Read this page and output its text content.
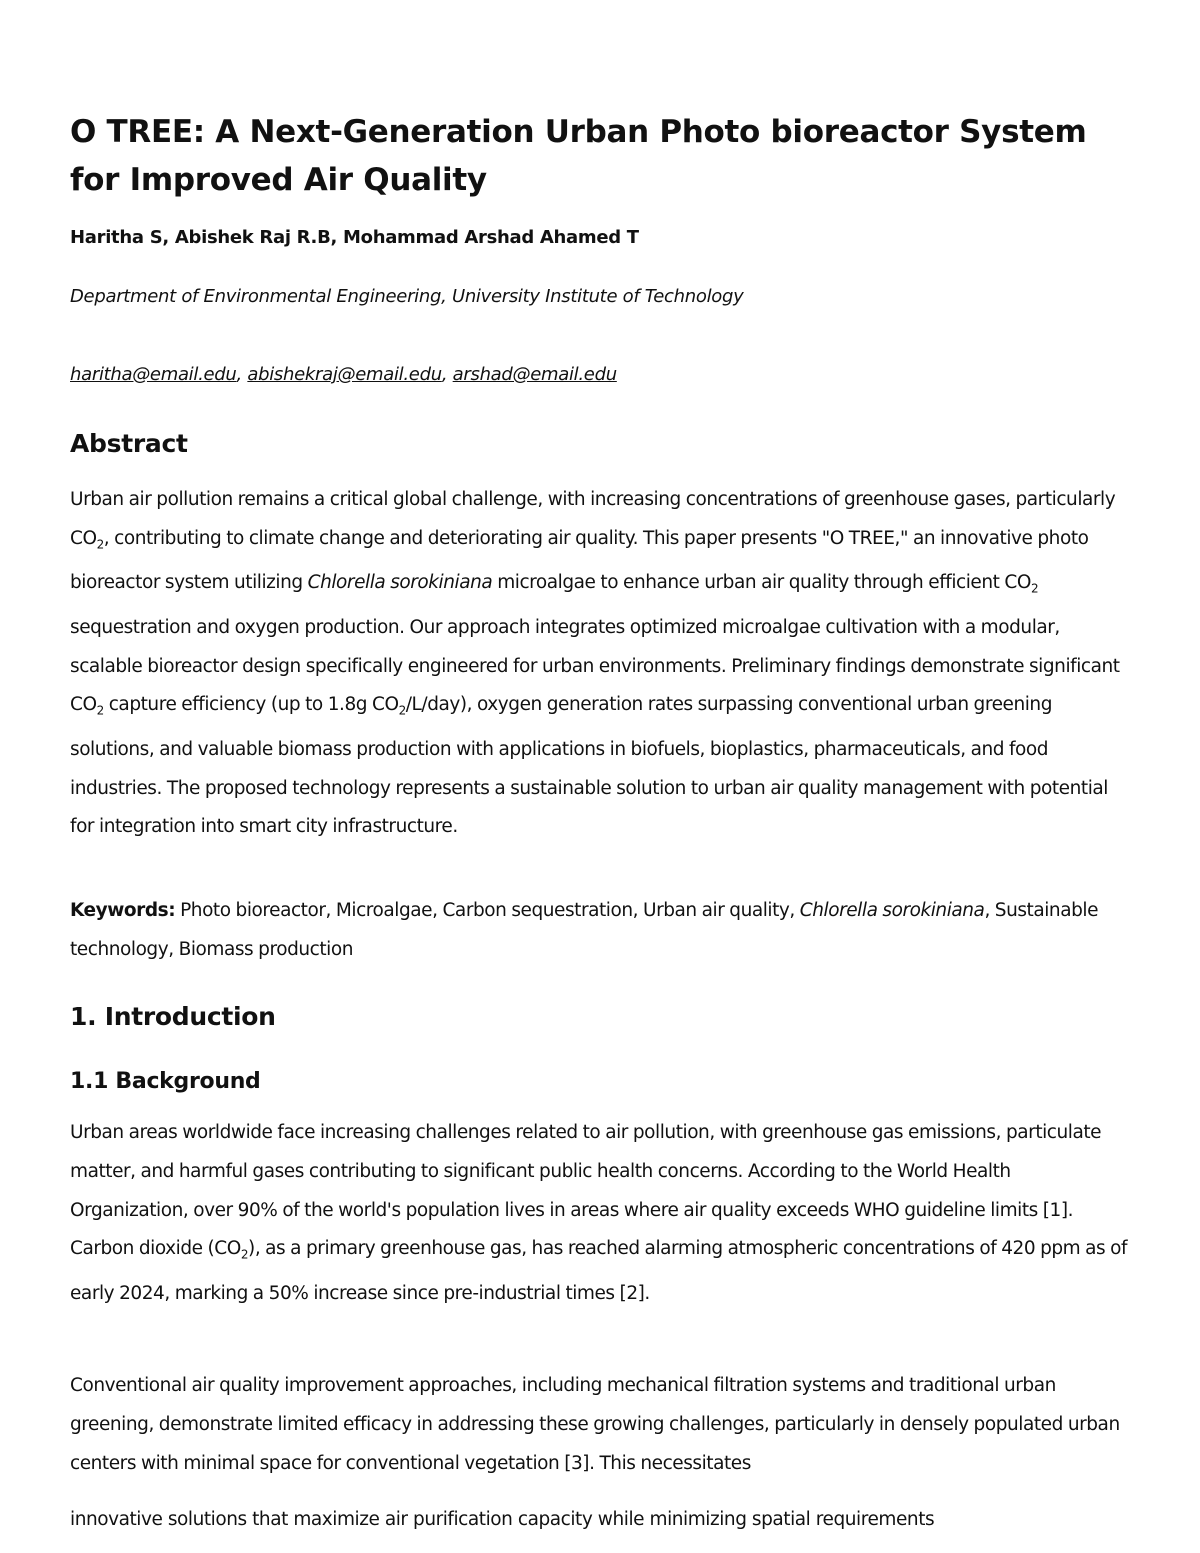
O TREE: A Next-Generation Urban Photo bioreactor System for Improved Air Quality
Haritha S, Abishek Raj R.B, Mohammad Arshad Ahamed T
Department of Environmental Engineering, University Institute of Technology
haritha@email.edu, abishekraj@email.edu, arshad@email.edu
Abstract

Urban air pollution remains a critical global challenge, with increasing concentrations of greenhouse gases, particularly $CO_2$, contributing to climate change and deteriorating air quality. This paper presents "O TREE," an innovative photo bioreactor system utilizing Chlorella sorokiniana microalgae to enhance urban air quality through efficient $CO_2$ sequestration and oxygen production. Our approach integrates optimized microalgae cultivation with a modular, scalable bioreactor design specifically engineered for urban environments. Preliminary findings demonstrate significant $CO_2$ capture efficiency (up to 1.8g $CO_2/L/day$), oxygen generation rates surpassing conventional urban greening solutions, and valuable biomass production with applications in biofuels, bioplastics, pharmaceuticals, and food industries. The proposed technology represents a sustainable solution to urban air quality management with potential for integration into smart city infrastructure.

Keywords: Photo bioreactor, Microalgae, Carbon sequestration, Urban air quality, Chlorella sorokiniana, Sustainable technology, Biomass production

1. Introduction
1.1 Background

Urban areas worldwide face increasing challenges related to air pollution, with greenhouse gas emissions, particulate matter, and harmful gases contributing to significant public health concerns. According to the World Health Organization, over 90% of the world's population lives in areas where air quality exceeds WHO guideline limits [1]. Carbon dioxide $(CO_2)$, as a primary greenhouse gas, has reached alarming atmospheric concentrations of 420 ppm as of early 2024, marking a 50% increase since pre-industrial times [2].

Conventional air quality improvement approaches, including mechanical filtration systems and traditional urban greening, demonstrate limited efficacy in addressing these growing challenges, particularly in densely populated urban centers with minimal space for conventional vegetation [3]. This necessitates

innovative solutions that maximize air purification capacity while minimizing spatial requirements
